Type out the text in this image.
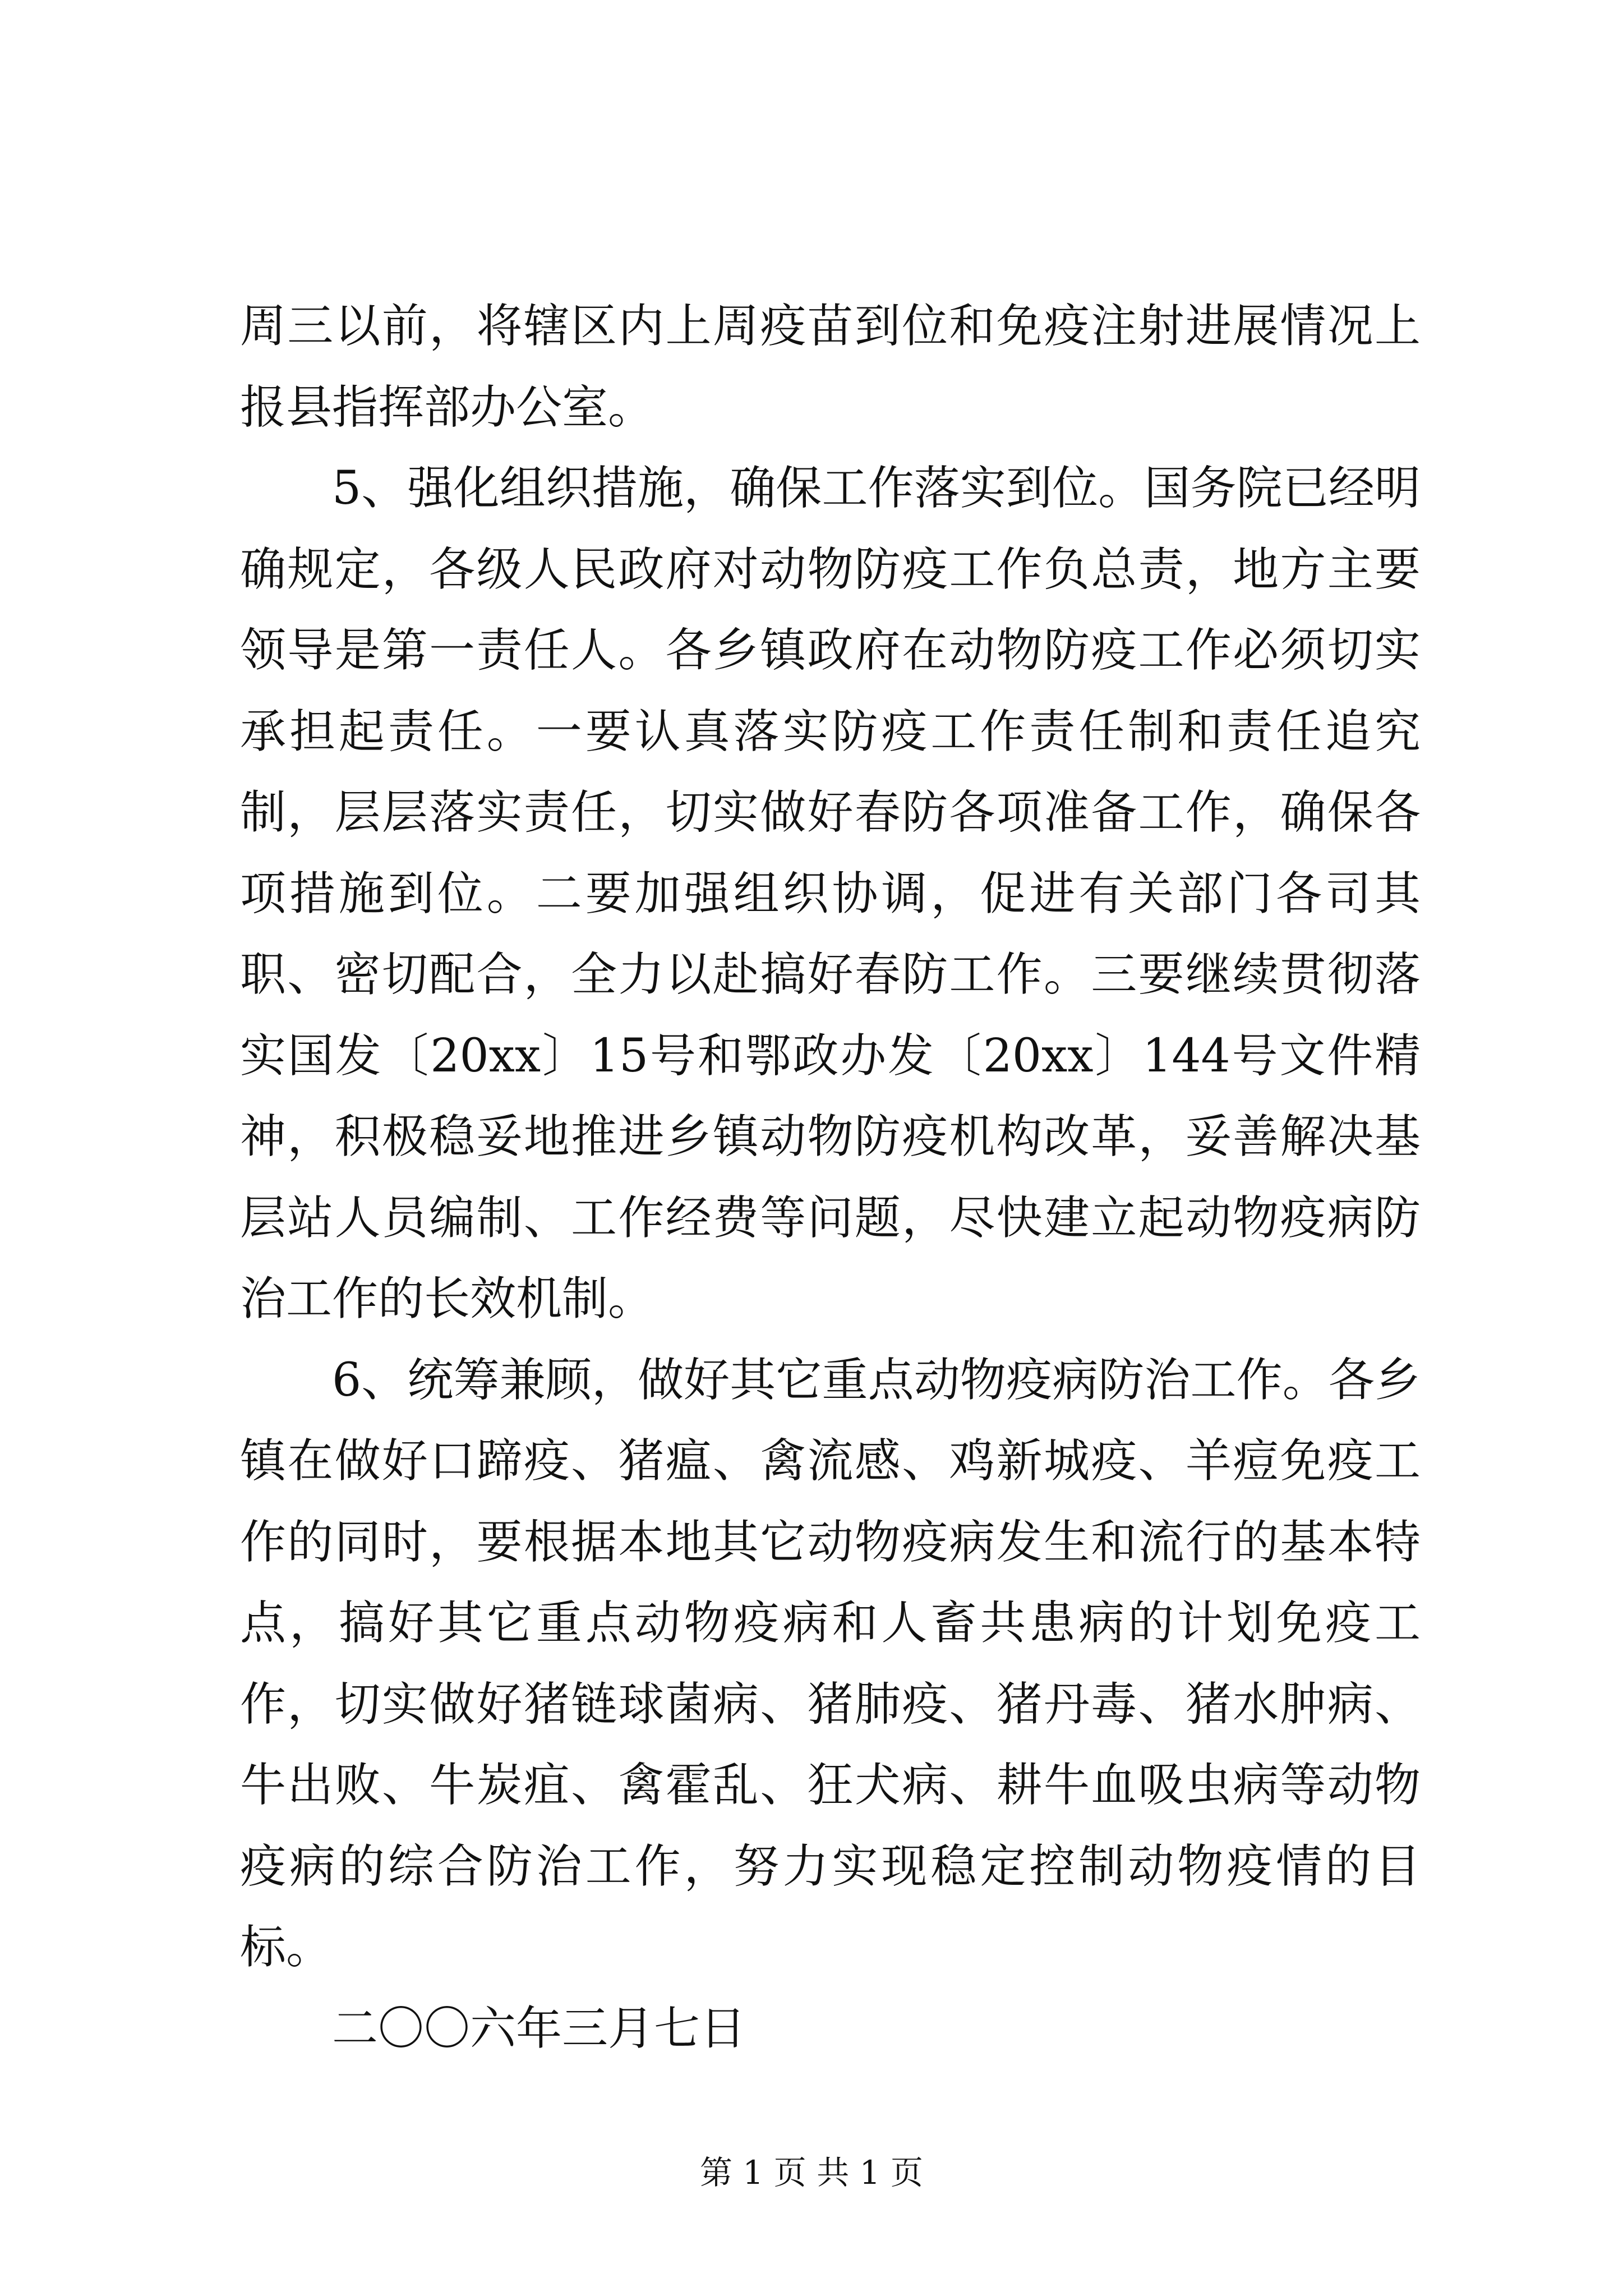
周三以前，将辖区内上周疫苗到位和免疫注射进展情况上报县指挥部办公室。

5、强化组织措施，确保工作落实到位。国务院已经明确规定，各级人民政府对动物防疫工作负总责，地方主要领导是第一责任人。各乡镇政府在动物防疫工作必须切实承担起责任。一要认真落实防疫工作责任制和责任追究制，层层落实责任，切实做好春防各项准备工作，确保各项措施到位。二要加强组织协调，促进有关部门各司其职、密切配合，全力以赴搞好春防工作。三要继续贯彻落实国发〔20xx〕15号和鄂政办发〔20xx〕144号文件精神，积极稳妥地推进乡镇动物防疫机构改革，妥善解决基层站人员编制、工作经费等问题，尽快建立起动物疫病防治工作的长效机制。

6、统筹兼顾，做好其它重点动物疫病防治工作。各乡镇在做好口蹄疫、猪瘟、禽流感、鸡新城疫、羊痘免疫工作的同时，要根据本地其它动物疫病发生和流行的基本特点，搞好其它重点动物疫病和人畜共患病的计划免疫工作，切实做好猪链球菌病、猪肺疫、猪丹毒、猪水肿病、牛出败、牛炭疽、禽霍乱、狂犬病、耕牛血吸虫病等动物疫病的综合防治工作，努力实现稳定控制动物疫情的目标。

二〇〇六年三月七日

第 1 页 共 1 页
